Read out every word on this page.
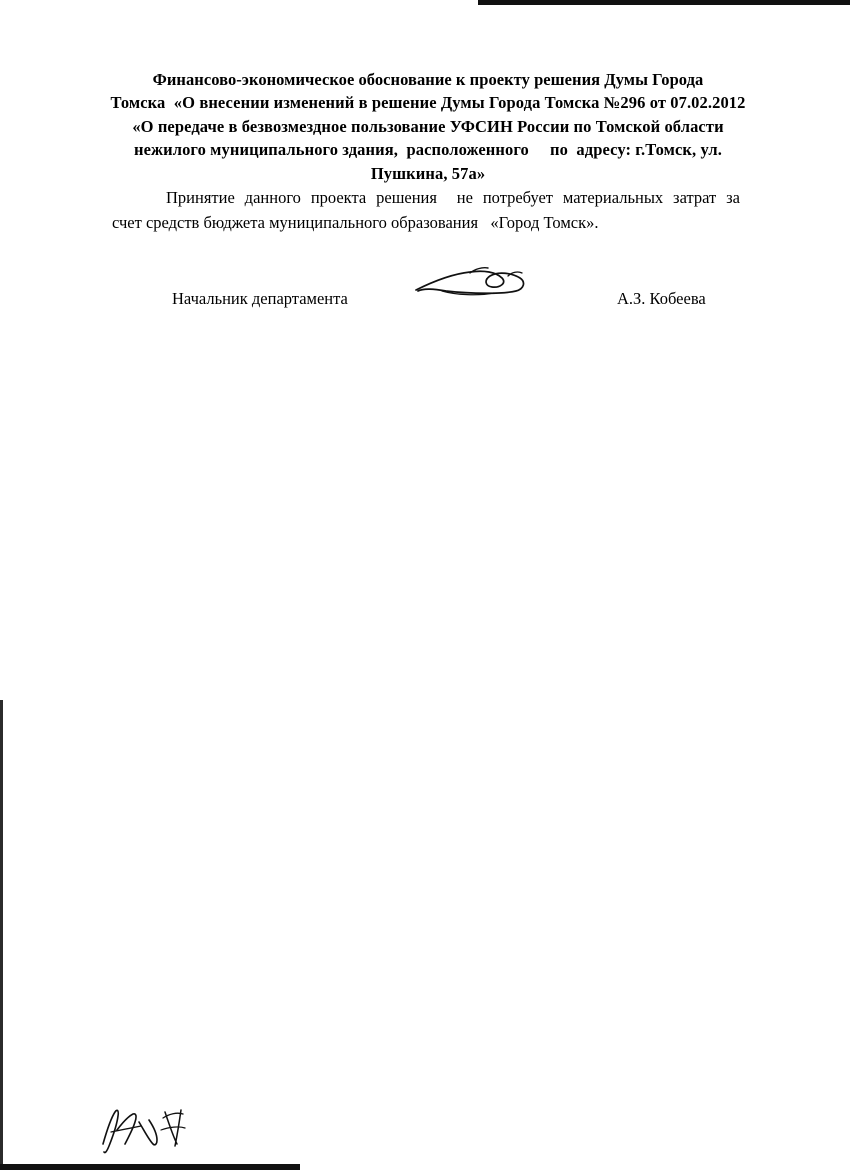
Финансово-экономическое обоснование к проекту решения Думы Города
Томска  «О внесении изменений в решение Думы Города Томска №296 от 07.02.2012
«О передаче в безвозмездное пользование УФСИН России по Томской области
нежилого муниципального здания,  расположенного     по  адресу: г.Томск, ул.
Пушкина, 57а»
Принятие  данного  проекта  решения    не  потребует  материальных  затрат  за  счет средств бюджета муниципального образования   «Город Томск».
Начальник департамента	А.З. Кобеева
